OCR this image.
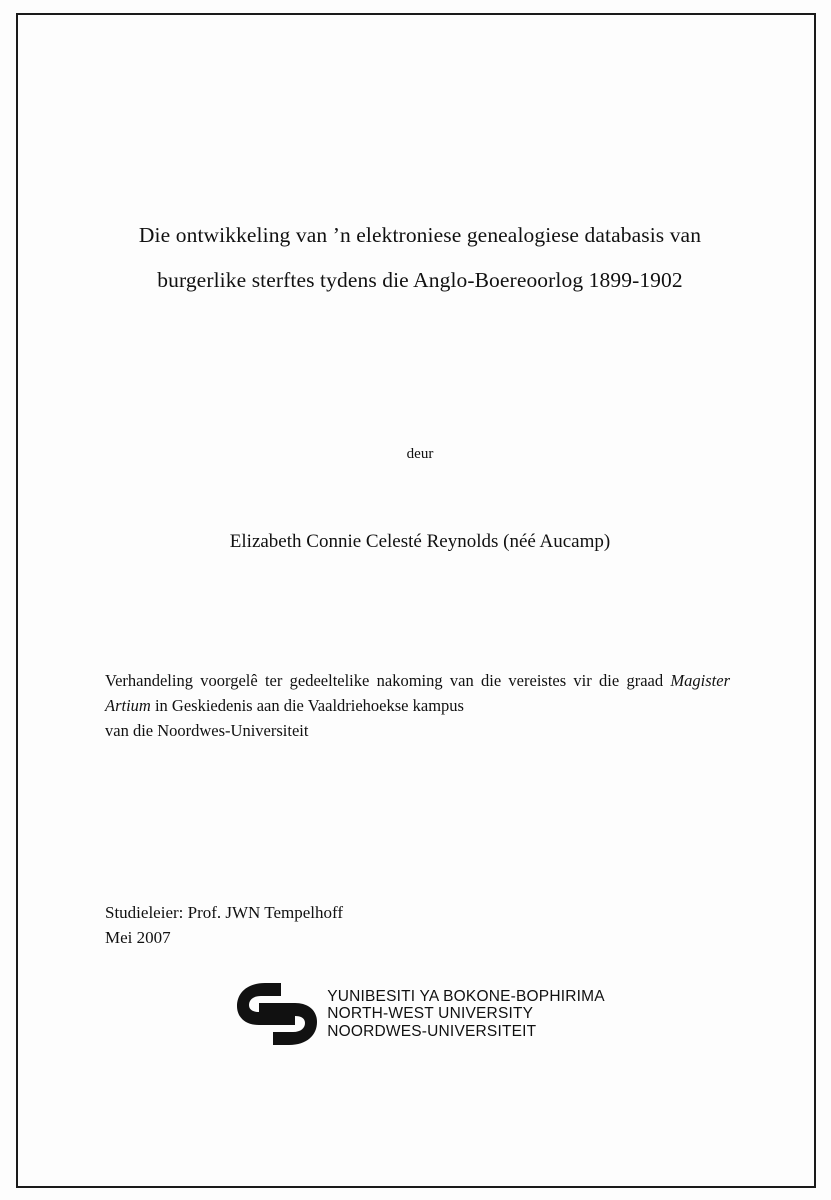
Die ontwikkeling van ’n elektroniese genealogiese databasis van
burgerlike sterftes tydens die Anglo-Boereoorlog 1899-1902
deur
Elizabeth Connie Celesté Reynolds (néé Aucamp)

Verhandeling voorgelê ter gedeeltelike nakoming van die vereistes vir die graad Magister Artium in Geskiedenis aan die Vaaldriehoekse kampus

van die Noordwes-Universiteit

Studieleier: Prof. JWN Tempelhoff

Mei 2007

YUNIBESITI YA BOKONE-BOPHIRIMA
NORTH-WEST UNIVERSITY
NOORDWES-UNIVERSITEIT
